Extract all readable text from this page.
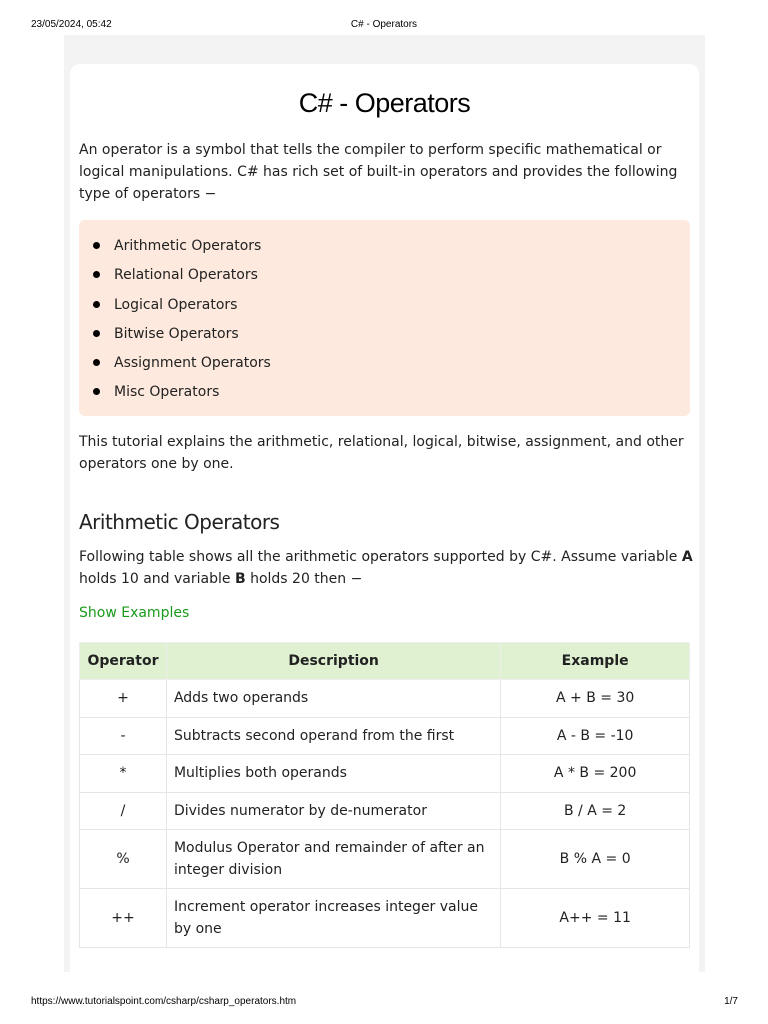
23/05/2024, 05:42	C# - Operators
C# - Operators

An operator is a symbol that tells the compiler to perform specific mathematical or logical manipulations. C# has rich set of built-in operators and provides the following type of operators −

Arithmetic Operators
Relational Operators
Logical Operators
Bitwise Operators
Assignment Operators
Misc Operators

This tutorial explains the arithmetic, relational, logical, bitwise, assignment, and other operators one by one.

Arithmetic Operators

Following table shows all the arithmetic operators supported by C#. Assume variable A holds 10 and variable B holds 20 then −

Show Examples
Operator	Description	Example
+	Adds two operands	A + B = 30
-	Subtracts second operand from the first	A - B = -10
*	Multiplies both operands	A * B = 200
/	Divides numerator by de-numerator	B / A = 2
%	Modulus Operator and remainder of after an integer division	B % A = 0
++	Increment operator increases integer value by one	A++ = 11
https://www.tutorialspoint.com/csharp/csharp_operators.htm	1/7
